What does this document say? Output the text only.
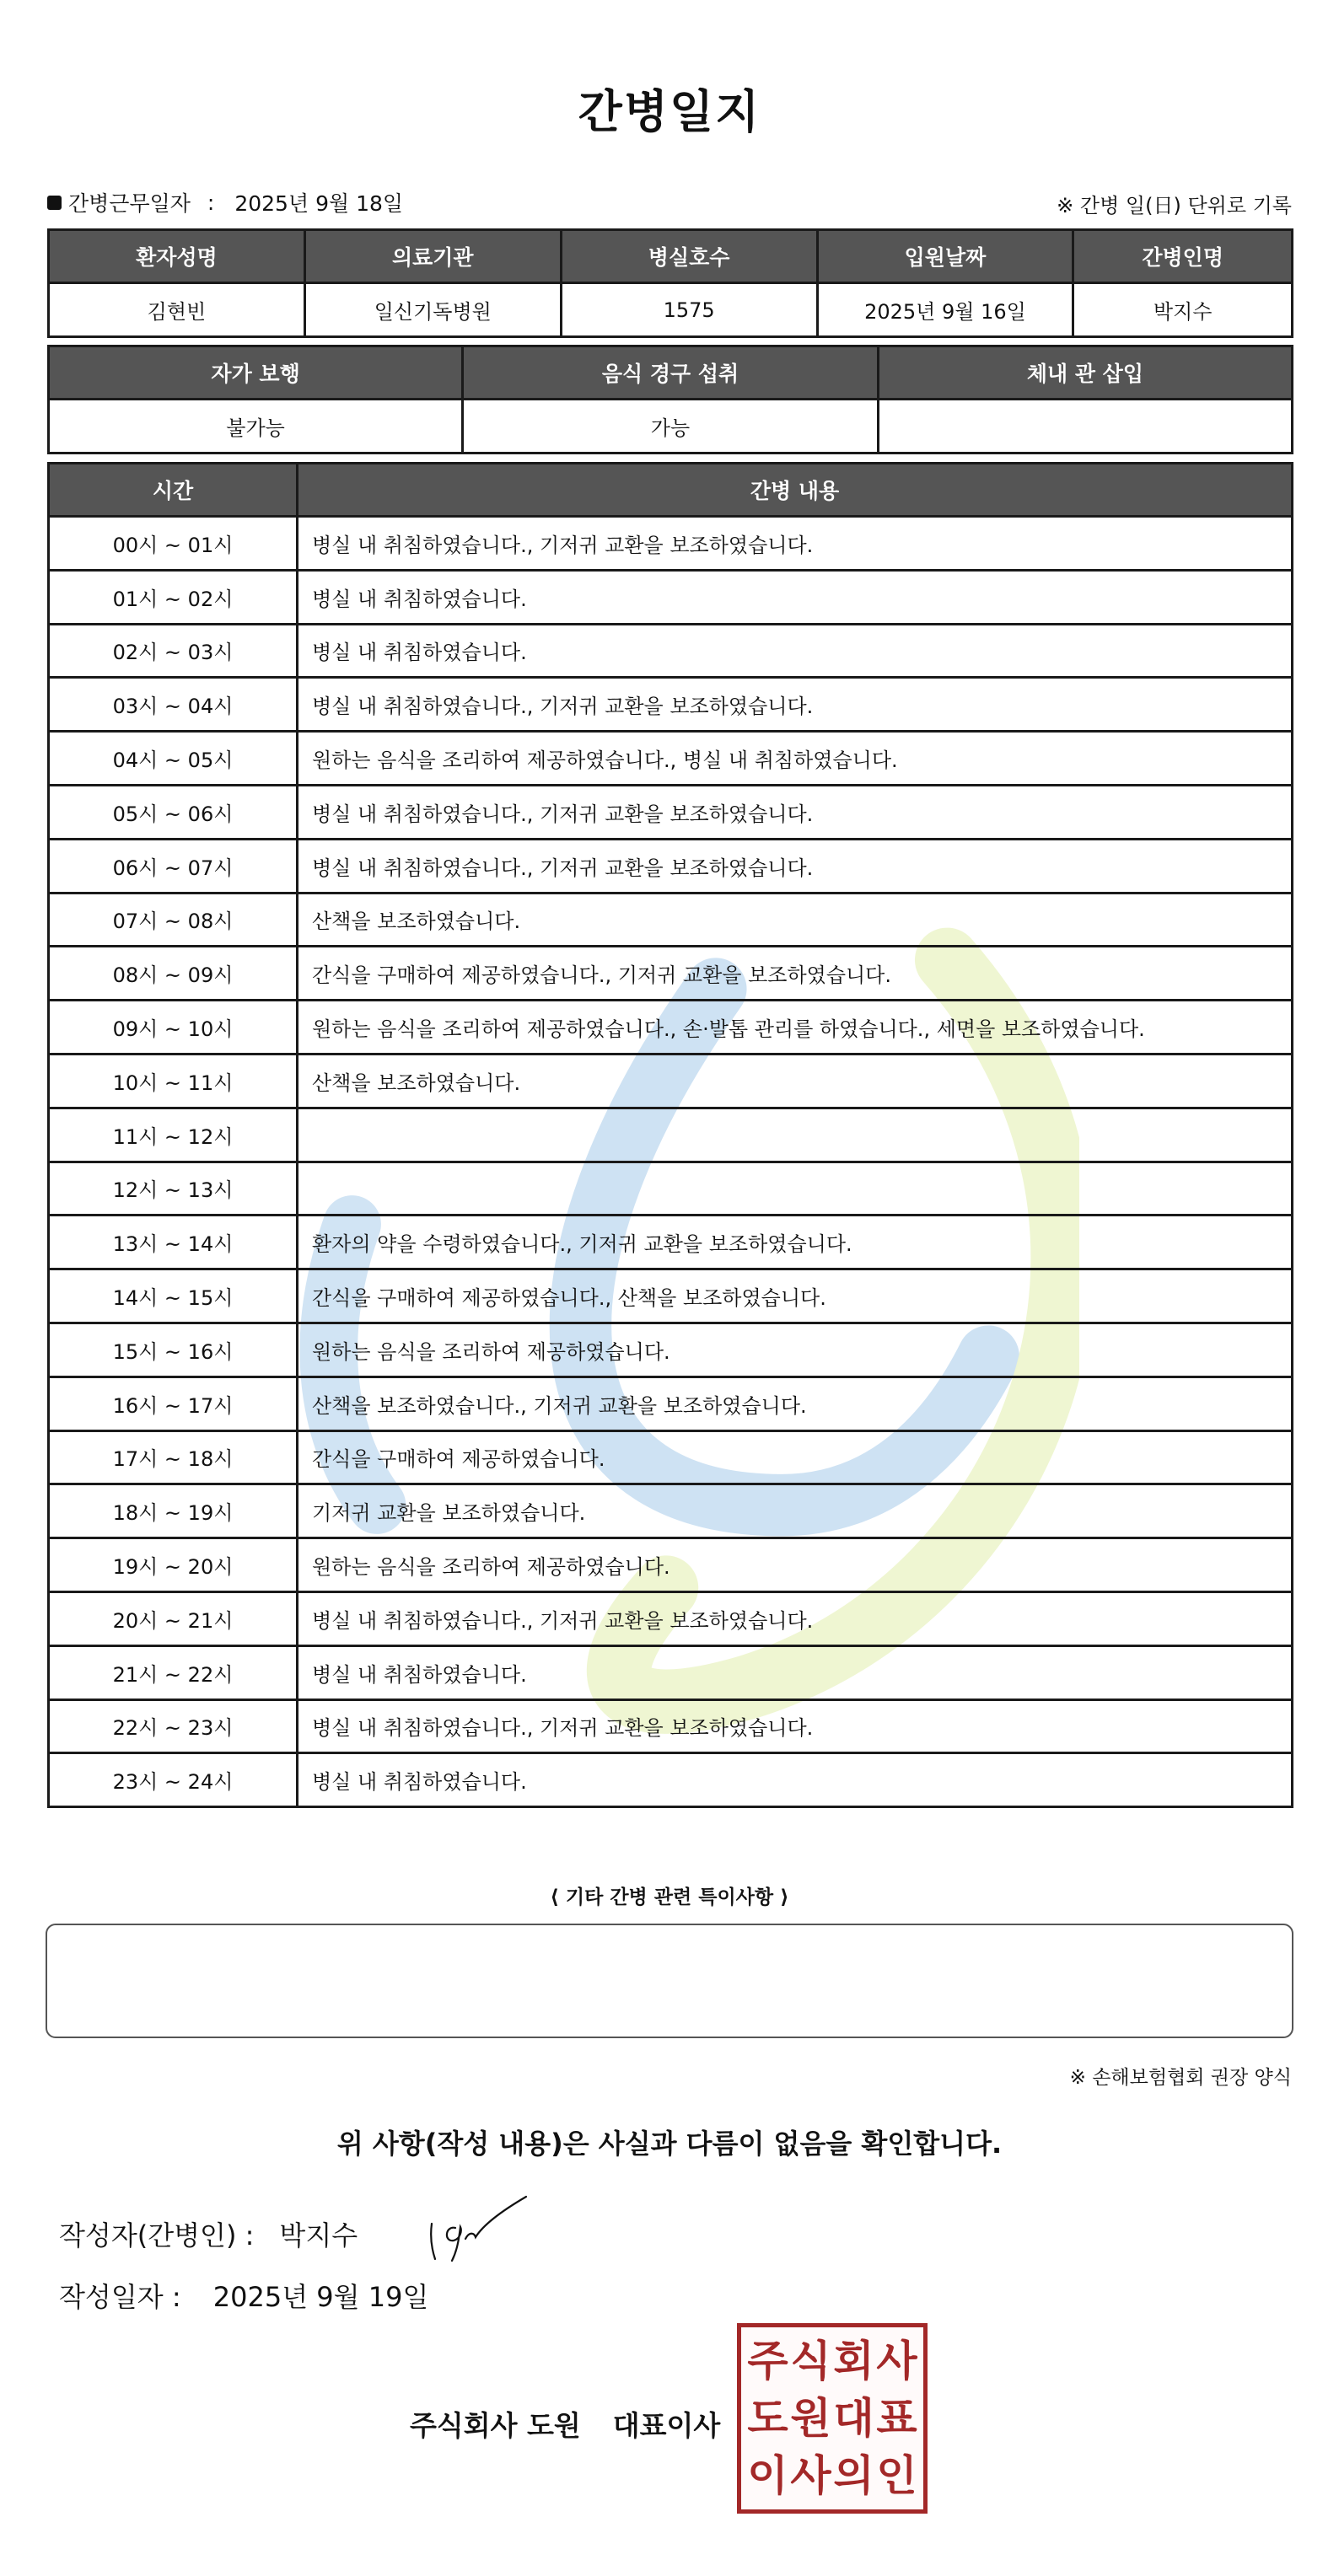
간병일지
간병근무일자 : 2025년 9월 18일	※ 간병 일(日) 단위로 기록
환자성명	의료기관	병실호수	입원날짜	간병인명
김현빈	일신기독병원	1575	2025년 9월 16일	박지수
자가 보행	음식 경구 섭취	체내 관 삽입
불가능	가능	
시간	간병 내용
00시 ~ 01시	병실 내 취침하였습니다., 기저귀 교환을 보조하였습니다.
01시 ~ 02시	병실 내 취침하였습니다.
02시 ~ 03시	병실 내 취침하였습니다.
03시 ~ 04시	병실 내 취침하였습니다., 기저귀 교환을 보조하였습니다.
04시 ~ 05시	원하는 음식을 조리하여 제공하였습니다., 병실 내 취침하였습니다.
05시 ~ 06시	병실 내 취침하였습니다., 기저귀 교환을 보조하였습니다.
06시 ~ 07시	병실 내 취침하였습니다., 기저귀 교환을 보조하였습니다.
07시 ~ 08시	산책을 보조하였습니다.
08시 ~ 09시	간식을 구매하여 제공하였습니다., 기저귀 교환을 보조하였습니다.
09시 ~ 10시	원하는 음식을 조리하여 제공하였습니다., 손·발톱 관리를 하였습니다., 세면을 보조하였습니다.
10시 ~ 11시	산책을 보조하였습니다.
11시 ~ 12시	
12시 ~ 13시	
13시 ~ 14시	환자의 약을 수령하였습니다., 기저귀 교환을 보조하였습니다.
14시 ~ 15시	간식을 구매하여 제공하였습니다., 산책을 보조하였습니다.
15시 ~ 16시	원하는 음식을 조리하여 제공하였습니다.
16시 ~ 17시	산책을 보조하였습니다., 기저귀 교환을 보조하였습니다.
17시 ~ 18시	간식을 구매하여 제공하였습니다.
18시 ~ 19시	기저귀 교환을 보조하였습니다.
19시 ~ 20시	원하는 음식을 조리하여 제공하였습니다.
20시 ~ 21시	병실 내 취침하였습니다., 기저귀 교환을 보조하였습니다.
21시 ~ 22시	병실 내 취침하였습니다.
22시 ~ 23시	병실 내 취침하였습니다., 기저귀 교환을 보조하였습니다.
23시 ~ 24시	병실 내 취침하였습니다.
⟨ 기타 간병 관련 특이사항 ⟩
※ 손해보험협회 권장 양식
위 사항(작성 내용)은 사실과 다름이 없음을 확인합니다.
작성자(간병인) : 박지수
작성일자 : 2025년 9월 19일
주식회사 도원 대표이사
주 식 회 사
도 원 대 표
이 사 의 인
